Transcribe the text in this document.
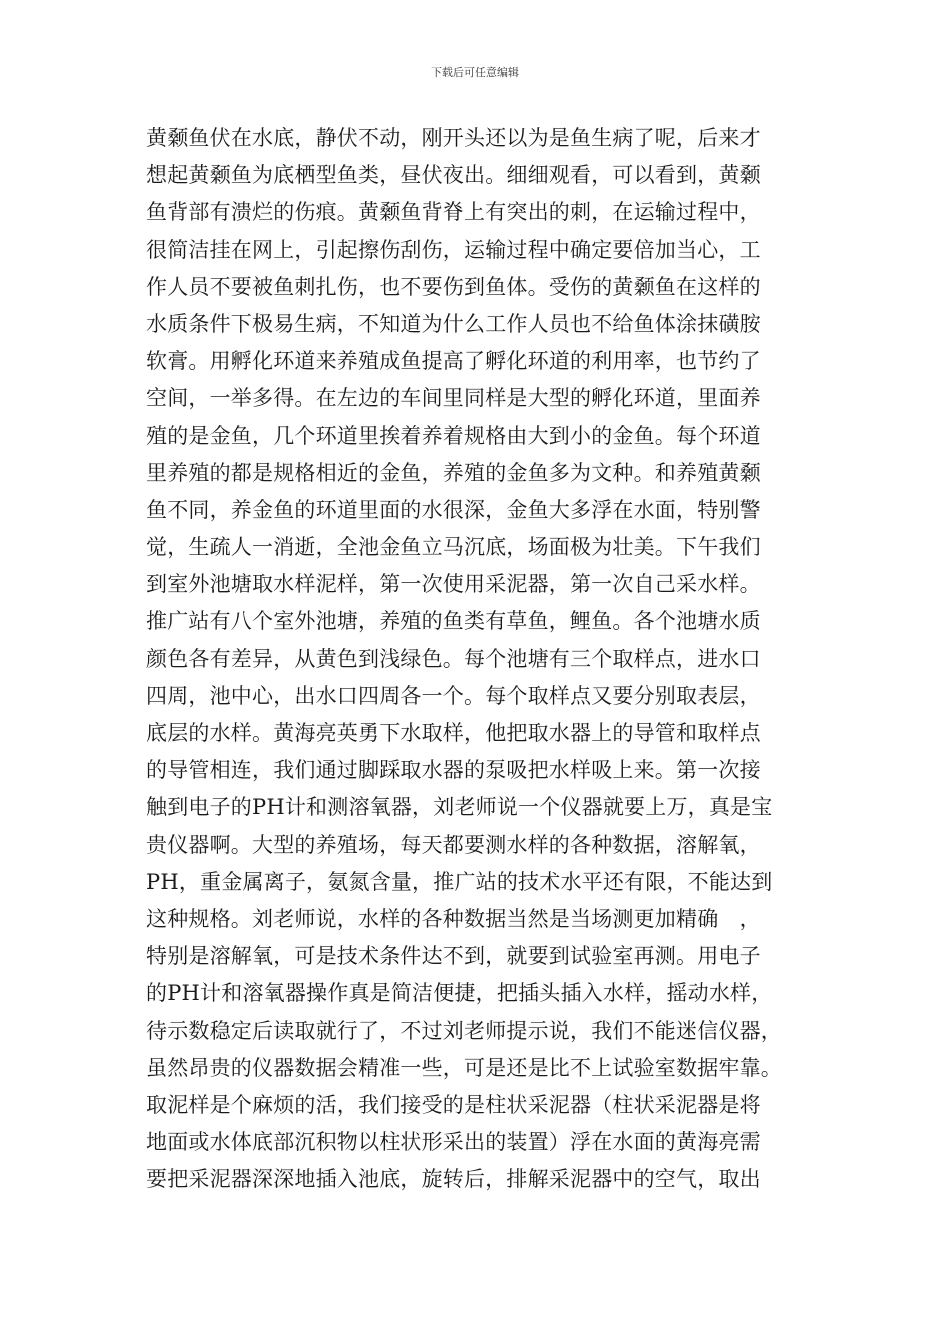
下载后可任意编辑
黄颡鱼伏在水底，静伏不动，刚开头还以为是鱼生病了呢，后来才
想起黄颡鱼为底栖型鱼类，昼伏夜出。细细观看，可以看到，黄颡
鱼背部有溃烂的伤痕。黄颡鱼背脊上有突出的刺，在运输过程中，
很简洁挂在网上，引起擦伤刮伤，运输过程中确定要倍加当心，工
作人员不要被鱼刺扎伤，也不要伤到鱼体。受伤的黄颡鱼在这样的
水质条件下极易生病，不知道为什么工作人员也不给鱼体涂抹磺胺
软膏。用孵化环道来养殖成鱼提高了孵化环道的利用率，也节约了
空间，一举多得。在左边的车间里同样是大型的孵化环道，里面养
殖的是金鱼，几个环道里挨着养着规格由大到小的金鱼。每个环道
里养殖的都是规格相近的金鱼，养殖的金鱼多为文种。和养殖黄颡
鱼不同，养金鱼的环道里面的水很深，金鱼大多浮在水面，特别警
觉，生疏人一消逝，全池金鱼立马沉底，场面极为壮美。下午我们
到室外池塘取水样泥样，第一次使用采泥器，第一次自己采水样。
推广站有八个室外池塘，养殖的鱼类有草鱼，鲤鱼。各个池塘水质
颜色各有差异，从黄色到浅绿色。每个池塘有三个取样点，进水口
四周，池中心，出水口四周各一个。每个取样点又要分别取表层，
底层的水样。黄海亮英勇下水取样，他把取水器上的导管和取样点
的导管相连，我们通过脚踩取水器的泵吸把水样吸上来。第一次接
触到电子的PH计和测溶氧器，刘老师说一个仪器就要上万，真是宝
贵仪器啊。大型的养殖场，每天都要测水样的各种数据，溶解氧，
PH，重金属离子，氨氮含量，推广站的技术水平还有限，不能达到
这种规格。刘老师说，水样的各种数据当然是当场测更加精确　，
特别是溶解氧，可是技术条件达不到，就要到试验室再测。用电子
的PH计和溶氧器操作真是简洁便捷，把插头插入水样，摇动水样，
待示数稳定后读取就行了，不过刘老师提示说，我们不能迷信仪器，
虽然昂贵的仪器数据会精准一些，可是还是比不上试验室数据牢靠。
取泥样是个麻烦的活，我们接受的是柱状采泥器（柱状采泥器是将
地面或水体底部沉积物以柱状形采出的装置）浮在水面的黄海亮需
要把采泥器深深地插入池底，旋转后，排解采泥器中的空气，取出
